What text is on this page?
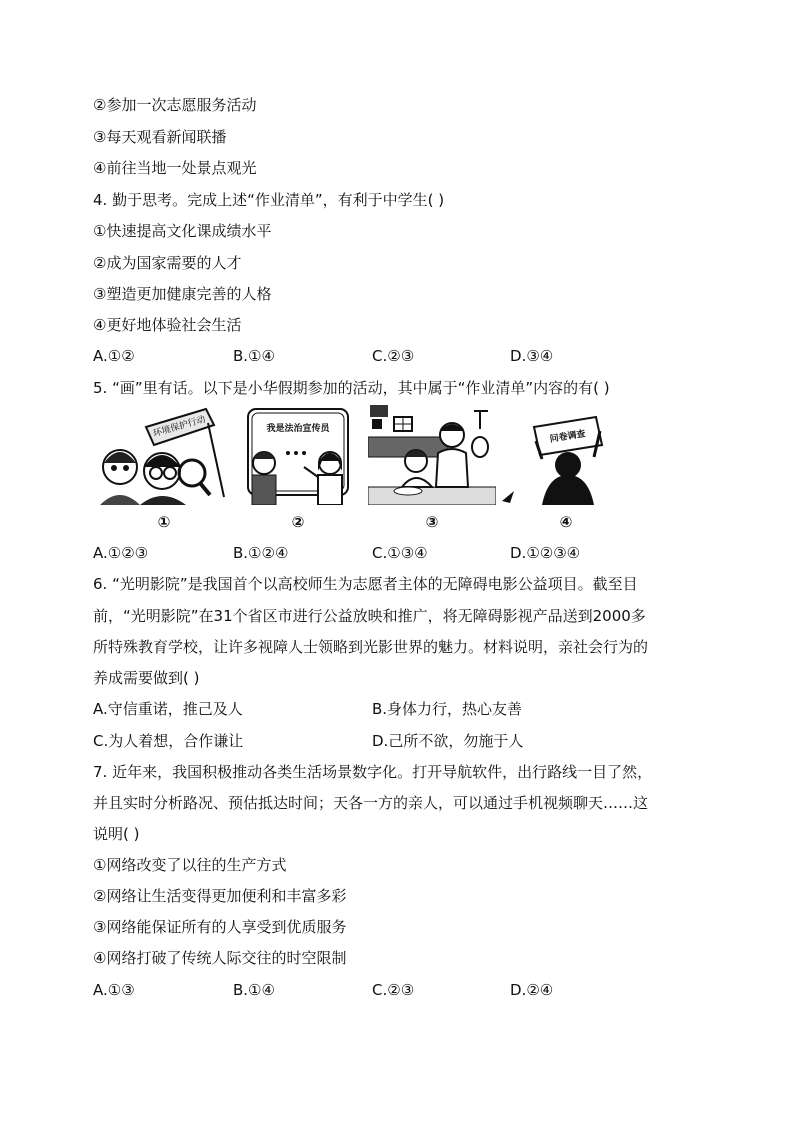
②参加一次志愿服务活动
③每天观看新闻联播
④前往当地一处景点观光
4. 勤于思考。完成上述“作业清单”，有利于中学生( )
①快速提高文化课成绩水平
②成为国家需要的人才
③塑造更加健康完善的人格
④更好地体验社会生活
A.①②	B.①④	C.②③	D.③④
5. “画”里有话。以下是小华假期参加的活动，其中属于“作业清单”内容的有( )
环境保护行动
①
我是法治宣传员
②	③
问卷调查
④
A.①②③	B.①②④	C.①③④	D.①②③④
6. “光明影院”是我国首个以高校师生为志愿者主体的无障碍电影公益项目。截至目
前，“光明影院”在31个省区市进行公益放映和推广，将无障碍影视产品送到2000多
所特殊教育学校，让许多视障人士领略到光影世界的魅力。材料说明，亲社会行为的
养成需要做到( )
A.守信重诺，推己及人	B.身体力行，热心友善
C.为人着想，合作谦让	D.己所不欲，勿施于人
7. 近年来，我国积极推动各类生活场景数字化。打开导航软件，出行路线一目了然，
并且实时分析路况、预估抵达时间；天各一方的亲人，可以通过手机视频聊天……这
说明( )
①网络改变了以往的生产方式
②网络让生活变得更加便利和丰富多彩
③网络能保证所有的人享受到优质服务
④网络打破了传统人际交往的时空限制
A.①③	B.①④	C.②③	D.②④
